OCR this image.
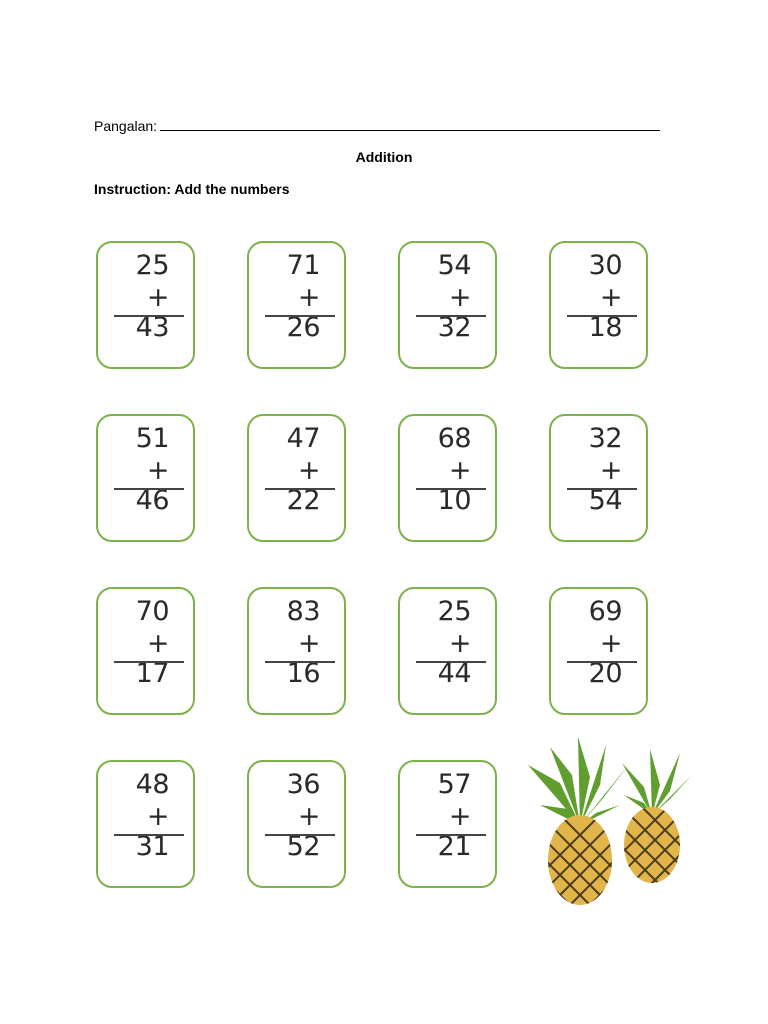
Pangalan:
Addition
Instruction: Add the numbers
25
+ 43
71
+ 26
54
+ 32
30
+ 18
51
+ 46
47
+ 22
68
+ 10
32
+ 54
70
+ 17
83
+ 16
25
+ 44
69
+ 20
48
+ 31
36
+ 52
57
+ 21
